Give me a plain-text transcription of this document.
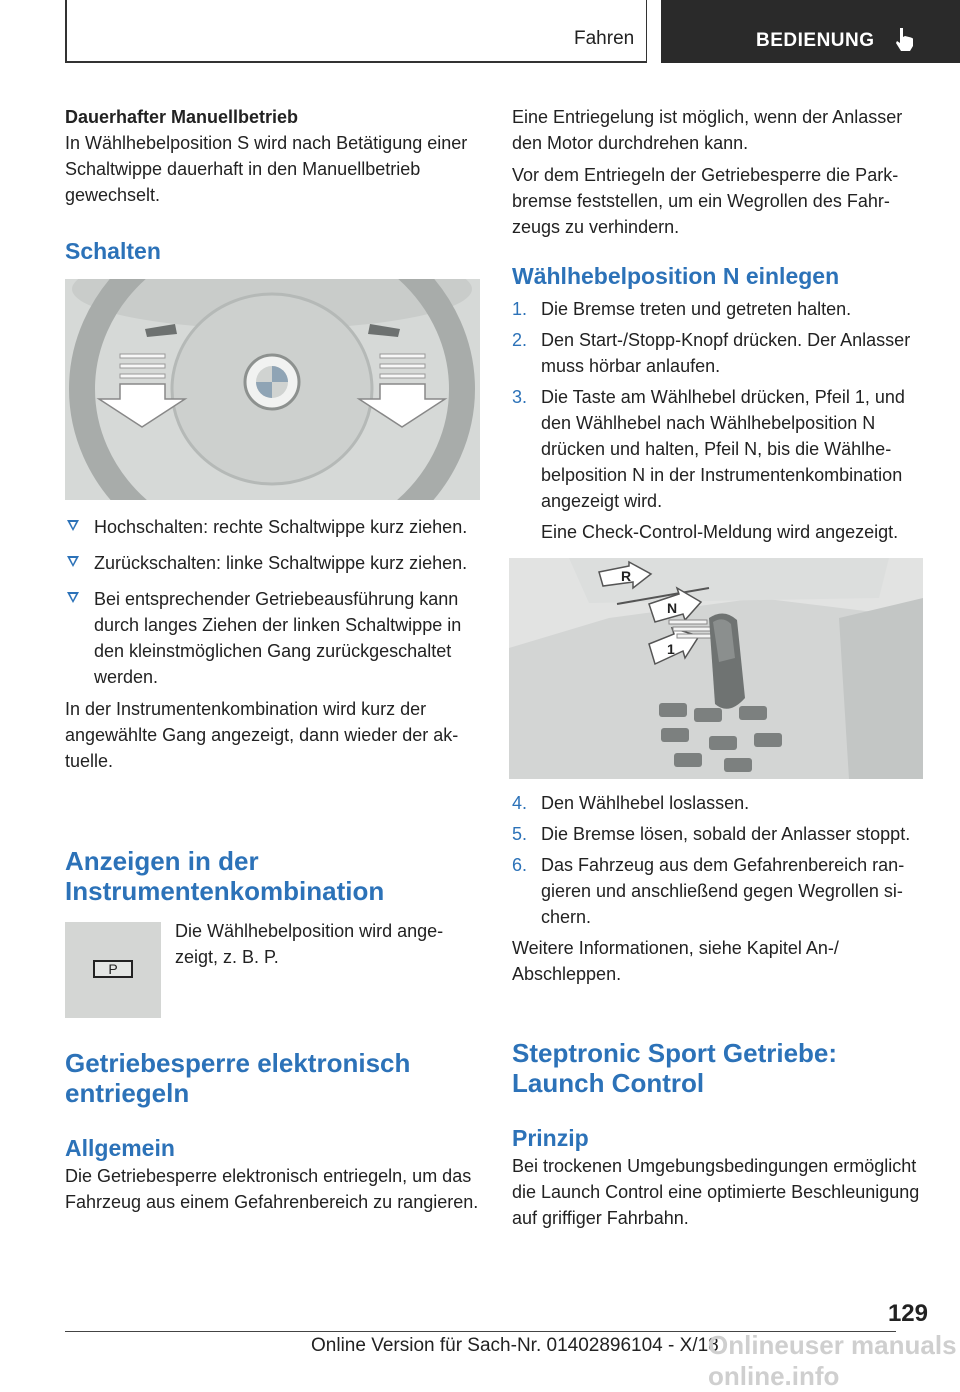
Fahren	BEDIENUNG

Dauerhafter Manuellbetrieb

In Wählhebelposition S wird nach Betätigung einer Schaltwippe dauerhaft in den Manuellbetrieb gewechselt.

Schalten

Hochschalten: rechte Schaltwippe kurz ziehen.
Zurückschalten: linke Schaltwippe kurz ziehen.
Bei entsprechender Getriebeausführung kann durch langes Ziehen der linken Schaltwippe in den kleinstmöglichen Gang zurückgeschaltet werden.

In der Instrumentenkombination wird kurz der angewählte Gang angezeigt, dann wieder der aktuelle.

Anzeigen in der Instrumentenkombination

P

Die Wählhebelposition wird angezeigt, z. B. P.

Getriebesperre elektronisch entriegeln

Allgemein

Die Getriebesperre elektronisch entriegeln, um das Fahrzeug aus einem Gefahrenbereich zu rangieren.

Eine Entriegelung ist möglich, wenn der Anlasser den Motor durchdrehen kann.

Vor dem Entriegeln der Getriebesperre die Parkbremse feststellen, um ein Wegrollen des Fahrzeugs zu verhindern.

Wählhebelposition N einlegen

1. Die Bremse treten und getreten halten.
2. Den Start-/Stopp-Knopf drücken. Der Anlasser muss hörbar anlaufen.
3. Die Taste am Wählhebel drücken, Pfeil 1, und den Wählhebel nach Wählhebelposition N drücken und halten, Pfeil N, bis die Wählhebelposition N in der Instrumentenkombination angezeigt wird.
Eine Check-Control-Meldung wird angezeigt.
R
N
1
4. Den Wählhebel loslassen.
5. Die Bremse lösen, sobald der Anlasser stoppt.
6. Das Fahrzeug aus dem Gefahrenbereich rangieren und anschließend gegen Wegrollen sichern.

Weitere Informationen, siehe Kapitel An-/ Abschleppen.

Steptronic Sport Getriebe: Launch Control

Prinzip

Bei trockenen Umgebungsbedingungen ermöglicht die Launch Control eine optimierte Beschleunigung auf griffiger Fahrbahn.

129
Online Version für Sach-Nr. 01402896104 - X/18
Onlineuser manuals online.info
